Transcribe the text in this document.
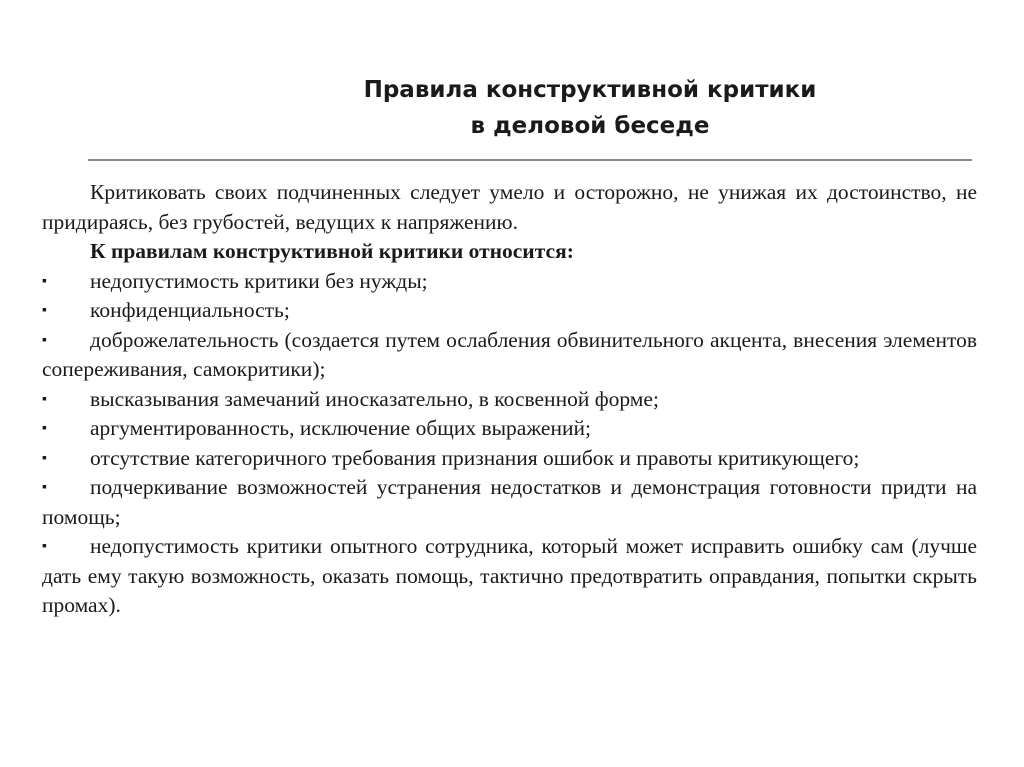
Правила конструктивной критики
в деловой беседе

Критиковать своих подчиненных следует умело и осторожно, не унижая их достоинство, не придираясь, без грубостей, ведущих к напряжению.

К правилам конструктивной критики относится:

▪	недопустимость критики без нужды;

▪	конфиденциальность;

▪	доброжелательность (создается путем ослабления обвинительного акцента, внесения элементов сопереживания, самокритики);

▪	высказывания замечаний иносказательно, в косвенной форме;

▪	аргументированность, исключение общих выражений;

▪	отсутствие категоричного требования признания ошибок и правоты критикующего;

▪	подчеркивание возможностей устранения недостатков и демонстрация готовности придти на помощь;

▪	недопустимость критики опытного сотрудника, который может исправить ошибку сам (лучше дать ему такую возможность, оказать помощь, тактично предотвратить оправдания, попытки скрыть промах).
